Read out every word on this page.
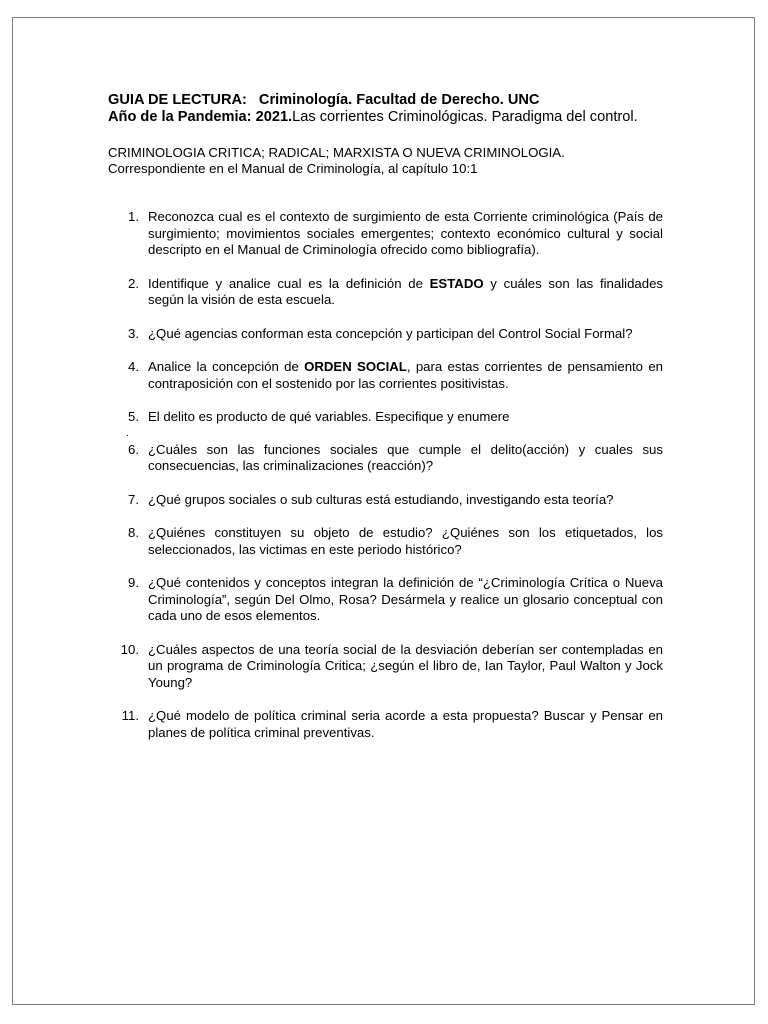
GUIA DE LECTURA: Criminología. Facultad de Derecho. UNC
Año de la Pandemia: 2021.Las corrientes Criminológicas. Paradigma del control.
CRIMINOLOGIA CRITICA; RADICAL; MARXISTA O NUEVA CRIMINOLOGIA.
Correspondiente en el Manual de Criminología, al capítulo 10:1
1. Reconozca cual es el contexto de surgimiento de esta Corriente criminológica (País de surgimiento; movimientos sociales emergentes; contexto económico cultural y social descripto en el Manual de Criminología ofrecido como bibliografía).
2. Identifique y analice cual es la definición de ESTADO y cuáles son las finalidades según la visión de esta escuela.
3. ¿Qué agencias conforman esta concepción y participan del Control Social Formal?
4. Analice la concepción de ORDEN SOCIAL, para estas corrientes de pensamiento en contraposición con el sostenido por las corrientes positivistas.
5. El delito es producto de qué variables. Especifique y enumere
.
6. ¿Cuáles son las funciones sociales que cumple el delito(acción) y cuales sus consecuencias, las criminalizaciones (reacción)?
7. ¿Qué grupos sociales o sub culturas está estudiando, investigando esta teoría?
8. ¿Quiénes constituyen su objeto de estudio? ¿Quiénes son los etiquetados, los seleccionados, las victimas en este periodo histórico?
9. ¿Qué contenidos y conceptos integran la definición de “¿Criminología Crítica o Nueva Criminología”, según Del Olmo, Rosa? Desármela y realice un glosario conceptual con cada uno de esos elementos.
10. ¿Cuáles aspectos de una teoría social de la desviación deberían ser contempladas en un programa de Criminología Critica; ¿según el libro de, Ian Taylor, Paul Walton y Jock Young?
11. ¿Qué modelo de política criminal seria acorde a esta propuesta? Buscar y Pensar en planes de política criminal preventivas.
